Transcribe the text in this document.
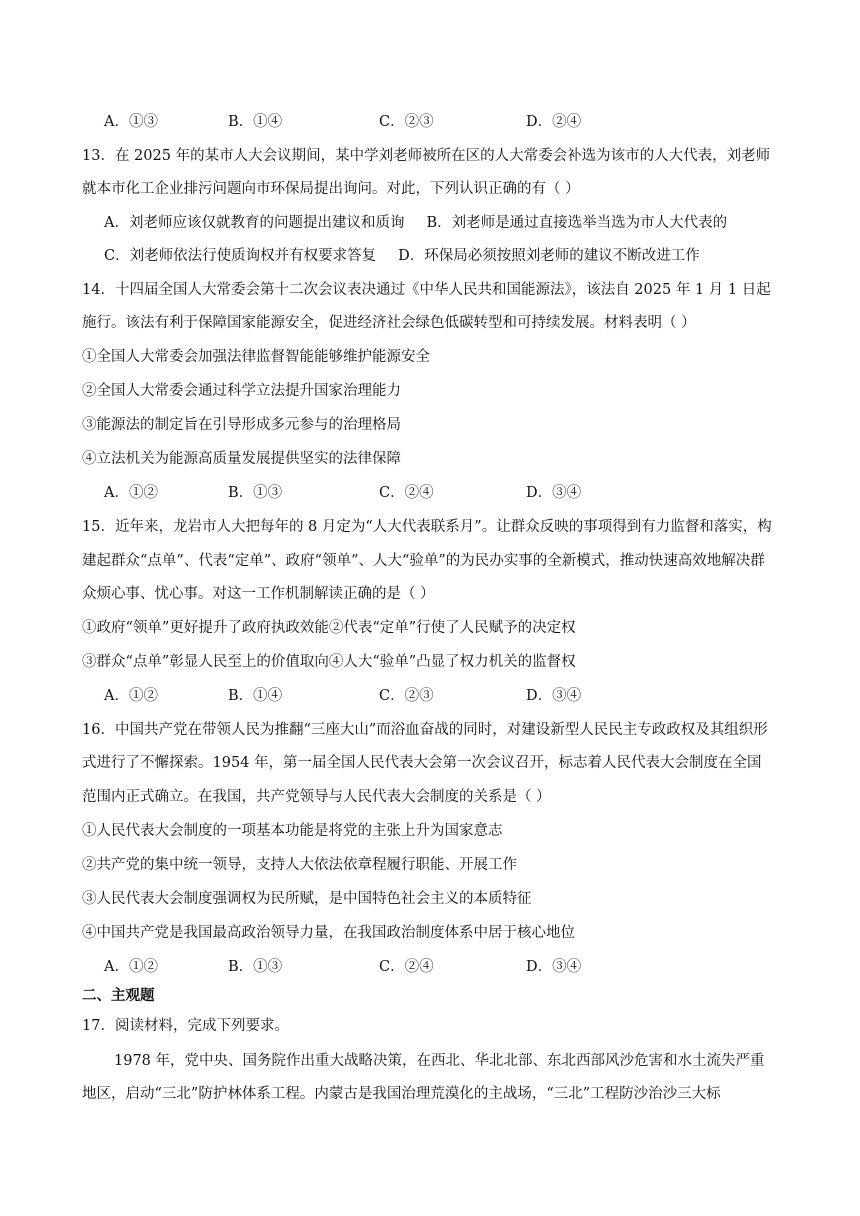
A．①③	B．①④	C．②③	D．②④
13．在 2025 年的某市人大会议期间，某中学刘老师被所在区的人大常委会补选为该市的人大代表，刘老师
就本市化工企业排污问题向市环保局提出询问。对此，下列认识正确的有（ ）
A．刘老师应该仅就教育的问题提出建议和质询 B．刘老师是通过直接选举当选为市人大代表的
C．刘老师依法行使质询权并有权要求答复 D．环保局必须按照刘老师的建议不断改进工作
14．十四届全国人大常委会第十二次会议表决通过《中华人民共和国能源法》，该法自 2025 年 1 月 1 日起
施行。该法有利于保障国家能源安全，促进经济社会绿色低碳转型和可持续发展。材料表明（ ）
①全国人大常委会加强法律监督智能能够维护能源安全
②全国人大常委会通过科学立法提升国家治理能力
③能源法的制定旨在引导形成多元参与的治理格局
④立法机关为能源高质量发展提供坚实的法律保障
A．①②	B．①③	C．②④	D．③④
15．近年来，龙岩市人大把每年的 8 月定为“人大代表联系月”。让群众反映的事项得到有力监督和落实，构
建起群众“点单”、代表“定单”、政府“领单”、人大“验单”的为民办实事的全新模式，推动快速高效地解决群
众烦心事、忧心事。对这一工作机制解读正确的是（ ）
①政府“领单”更好提升了政府执政效能②代表“定单”行使了人民赋予的决定权
③群众“点单”彰显人民至上的价值取向④人大“验单”凸显了权力机关的监督权
A．①②	B．①④	C．②③	D．③④
16．中国共产党在带领人民为推翻“三座大山”而浴血奋战的同时，对建设新型人民民主专政政权及其组织形
式进行了不懈探索。1954 年，第一届全国人民代表大会第一次会议召开，标志着人民代表大会制度在全国
范围内正式确立。在我国，共产党领导与人民代表大会制度的关系是（ ）
①人民代表大会制度的一项基本功能是将党的主张上升为国家意志
②共产党的集中统一领导，支持人大依法依章程履行职能、开展工作
③人民代表大会制度强调权为民所赋，是中国特色社会主义的本质特征
④中国共产党是我国最高政治领导力量，在我国政治制度体系中居于核心地位
A．①②	B．①③	C．②④	D．③④
二、主观题
17．阅读材料，完成下列要求。
1978 年，党中央、国务院作出重大战略决策，在西北、华北北部、东北西部风沙危害和水土流失严重
地区，启动“三北”防护林体系工程。内蒙古是我国治理荒漠化的主战场，“三北”工程防沙治沙三大标
